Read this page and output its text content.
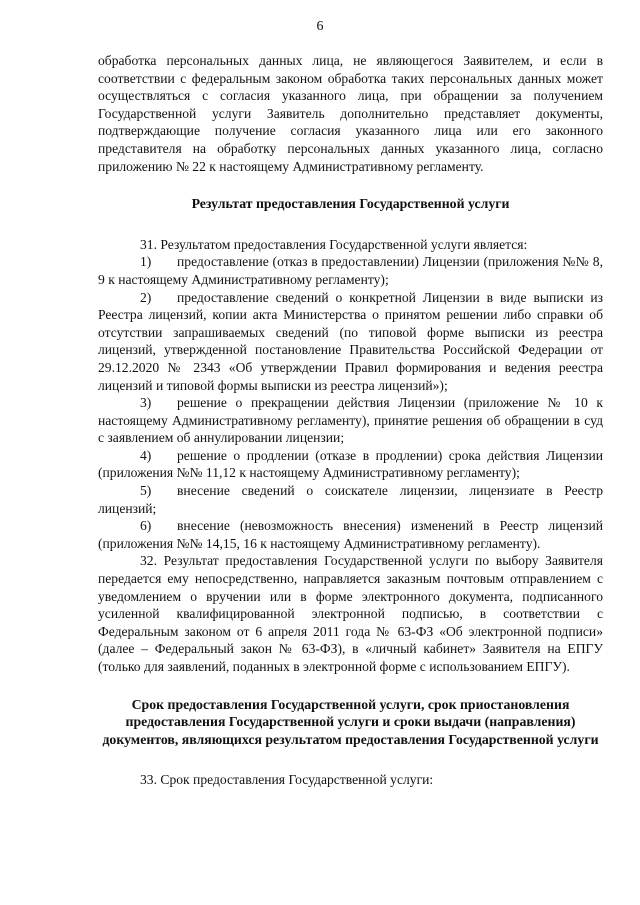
6

обработка персональных данных лица, не являющегося Заявителем, и если в соответствии с федеральным законом обработка таких персональных данных может осуществляться с согласия указанного лица, при обращении за получением Государственной услуги Заявитель дополнительно представляет документы, подтверждающие получение согласия указанного лица или его законного представителя на обработку персональных данных указанного лица, согласно приложению № 22 к настоящему Административному регламенту.

Результат предоставления Государственной услуги

31. Результатом предоставления Государственной услуги является:

1) предоставление (отказ в предоставлении) Лицензии (приложения №№ 8, 9 к настоящему Административному регламенту);

2) предоставление сведений о конкретной Лицензии в виде выписки из Реестра лицензий, копии акта Министерства о принятом решении либо справки об отсутствии запрашиваемых сведений (по типовой форме выписки из реестра лицензий, утвержденной постановление Правительства Российской Федерации от 29.12.2020 № 2343 «Об утверждении Правил формирования и ведения реестра лицензий и типовой формы выписки из реестра лицензий»);

3) решение о прекращении действия Лицензии (приложение № 10 к настоящему Административному регламенту), принятие решения об обращении в суд с заявлением об аннулировании лицензии;

4) решение о продлении (отказе в продлении) срока действия Лицензии (приложения №№ 11,12 к настоящему Административному регламенту);

5) внесение сведений о соискателе лицензии, лицензиате в Реестр лицензий;

6) внесение (невозможность внесения) изменений в Реестр лицензий (приложения №№ 14,15, 16 к настоящему Административному регламенту).

32. Результат предоставления Государственной услуги по выбору Заявителя передается ему непосредственно, направляется заказным почтовым отправлением с уведомлением о вручении или в форме электронного документа, подписанного усиленной квалифицированной электронной подписью, в соответствии с Федеральным законом от 6 апреля 2011 года № 63-ФЗ «Об электронной подписи» (далее – Федеральный закон № 63-ФЗ), в «личный кабинет» Заявителя на ЕПГУ (только для заявлений, поданных в электронной форме с использованием ЕПГУ).

Срок предоставления Государственной услуги, срок приостановления предоставления Государственной услуги и сроки выдачи (направления) документов, являющихся результатом предоставления Государственной услуги

33. Срок предоставления Государственной услуги:
